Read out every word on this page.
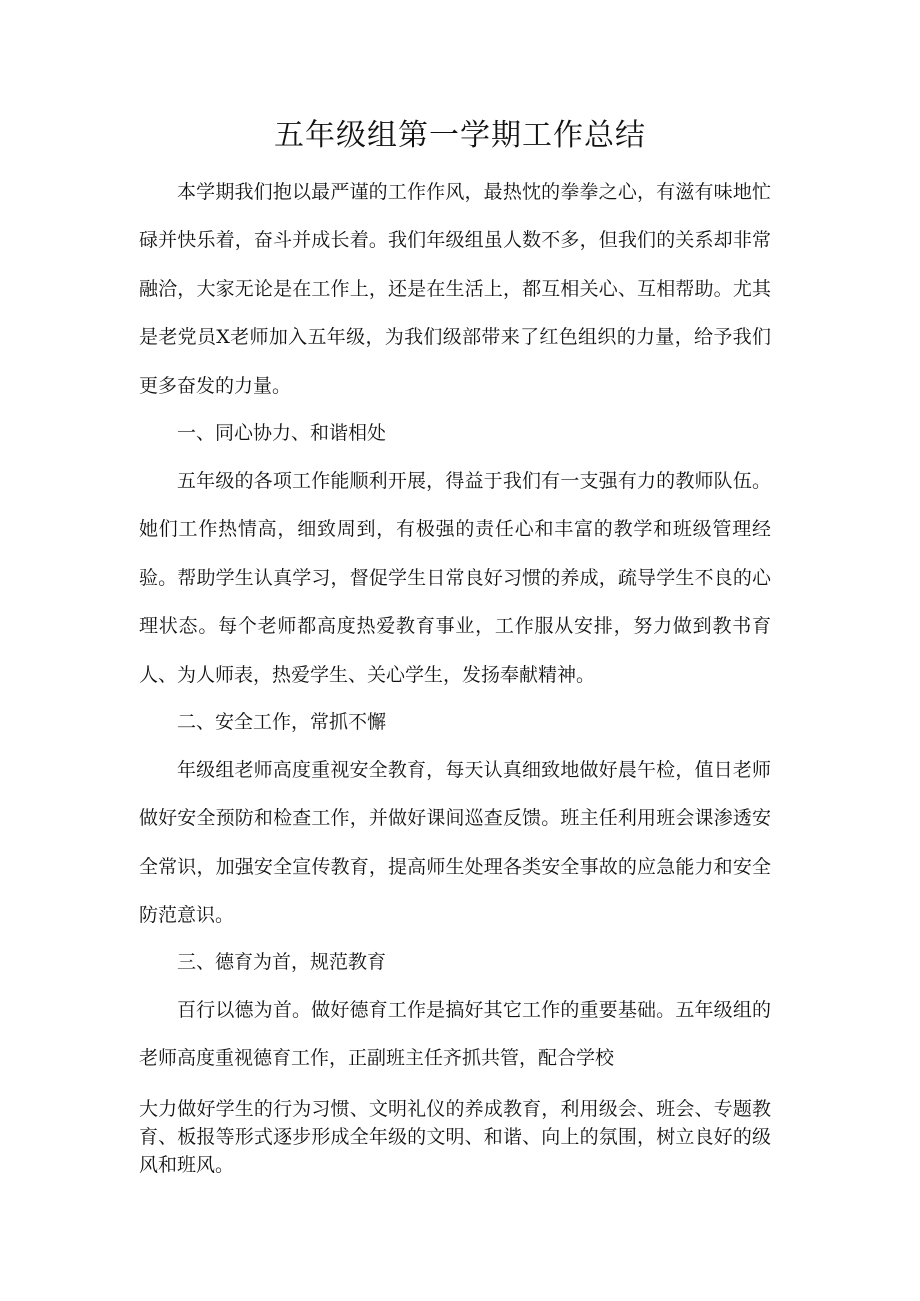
五年级组第一学期工作总结

本学期我们抱以最严谨的工作作风，最热忱的拳拳之心，有滋有味地忙碌并快乐着，奋斗并成长着。我们年级组虽人数不多，但我们的关系却非常融洽，大家无论是在工作上，还是在生活上，都互相关心、互相帮助。尤其是老党员X老师加入五年级，为我们级部带来了红色组织的力量，给予我们更多奋发的力量。

一、同心协力、和谐相处

五年级的各项工作能顺利开展，得益于我们有一支强有力的教师队伍。她们工作热情高，细致周到，有极强的责任心和丰富的教学和班级管理经验。帮助学生认真学习，督促学生日常良好习惯的养成，疏导学生不良的心理状态。每个老师都高度热爱教育事业，工作服从安排，努力做到教书育人、为人师表，热爱学生、关心学生，发扬奉献精神。

二、安全工作，常抓不懈

年级组老师高度重视安全教育，每天认真细致地做好晨午检，值日老师做好安全预防和检查工作，并做好课间巡查反馈。班主任利用班会课渗透安全常识，加强安全宣传教育，提高师生处理各类安全事故的应急能力和安全防范意识。

三、德育为首，规范教育

百行以德为首。做好德育工作是搞好其它工作的重要基础。五年级组的老师高度重视德育工作，正副班主任齐抓共管，配合学校

大力做好学生的行为习惯、文明礼仪的养成教育，利用级会、班会、专题教育、板报等形式逐步形成全年级的文明、和谐、向上的氛围，树立良好的级风和班风。
